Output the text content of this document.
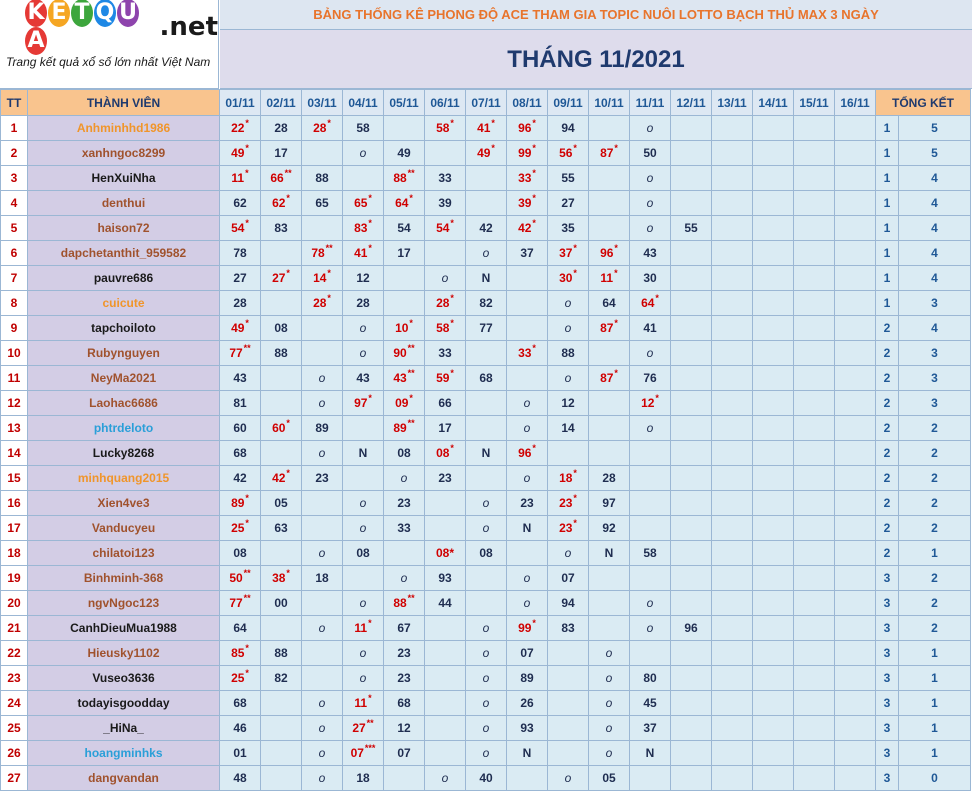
K E T Q UA	.net
Trang kết quả xổ số lớn nhất Việt Nam
BẢNG THỐNG KÊ PHONG ĐỘ ACE THAM GIA TOPIC NUÔI LOTTO BẠCH THỦ MAX 3 NGÀY
THÁNG 11/2021
TT	THÀNH VIÊN	01/11	02/11	03/11	04/11	05/11	06/11	07/11	08/11	09/11	10/11	11/11	12/11	13/11	14/11	15/11	16/11	TỔNG KẾT	
1	Anhminhhd1986	22*	28	28*	58		58*	41*	96*	94		o						1	5
2	xanhngoc8299	49*	17		o	49		49*	99*	56*	87*	50						1	5
3	HenXuiNha	11*	66**	88		88**	33		33*	55		o						1	4
4	denthui	62	62*	65	65*	64*	39		39*	27		o						1	4
5	haison72	54*	83		83*	54	54*	42	42*	35		o	55					1	4
6	dapchetanthit_959582	78		78**	41*	17		o	37	37*	96*	43						1	4
7	pauvre686	27	27*	14*	12		o	N		30*	11*	30						1	4
8	cuicute	28		28*	28		28*	82		o	64	64*						1	3
9	tapchoiloto	49*	08		o	10*	58*	77		o	87*	41						2	4
10	Rubynguyen	77**	88		o	90**	33		33*	88		o						2	3
11	NeyMa2021	43		o	43	43**	59*	68		o	87*	76						2	3
12	Laohac6686	81		o	97*	09*	66		o	12		12*						2	3
13	phtrdeloto	60	60*	89		89**	17		o	14		o						2	2
14	Lucky8268	68		o	N	08	08*	N	96*									2	2
15	minhquang2015	42	42*	23		o	23		o	18*	28							2	2
16	Xien4ve3	89*	05		o	23		o	23	23*	97							2	2
17	Vanducyeu	25*	63		o	33		o	N	23*	92							2	2
18	chilatoi123	08		o	08		08*	08		o	N	58						2	1
19	Binhminh-368	50**	38*	18		o	93		o	07								3	2
20	ngvNgoc123	77**	00		o	88**	44		o	94		o						3	2
21	CanhDieuMua1988	64		o	11*	67		o	99*	83		o	96					3	2
22	Hieusky1102	85*	88		o	23		o	07		o							3	1
23	Vuseo3636	25*	82		o	23		o	89		o	80						3	1
24	todayisgoodday	68		o	11*	68		o	26		o	45						3	1
25	_HiNa_	46		o	27**	12		o	93		o	37						3	1
26	hoangminhks	01		o	07***	07		o	N		o	N						3	1
27	dangvandan	48		o	18		o	40		o	05							3	0
